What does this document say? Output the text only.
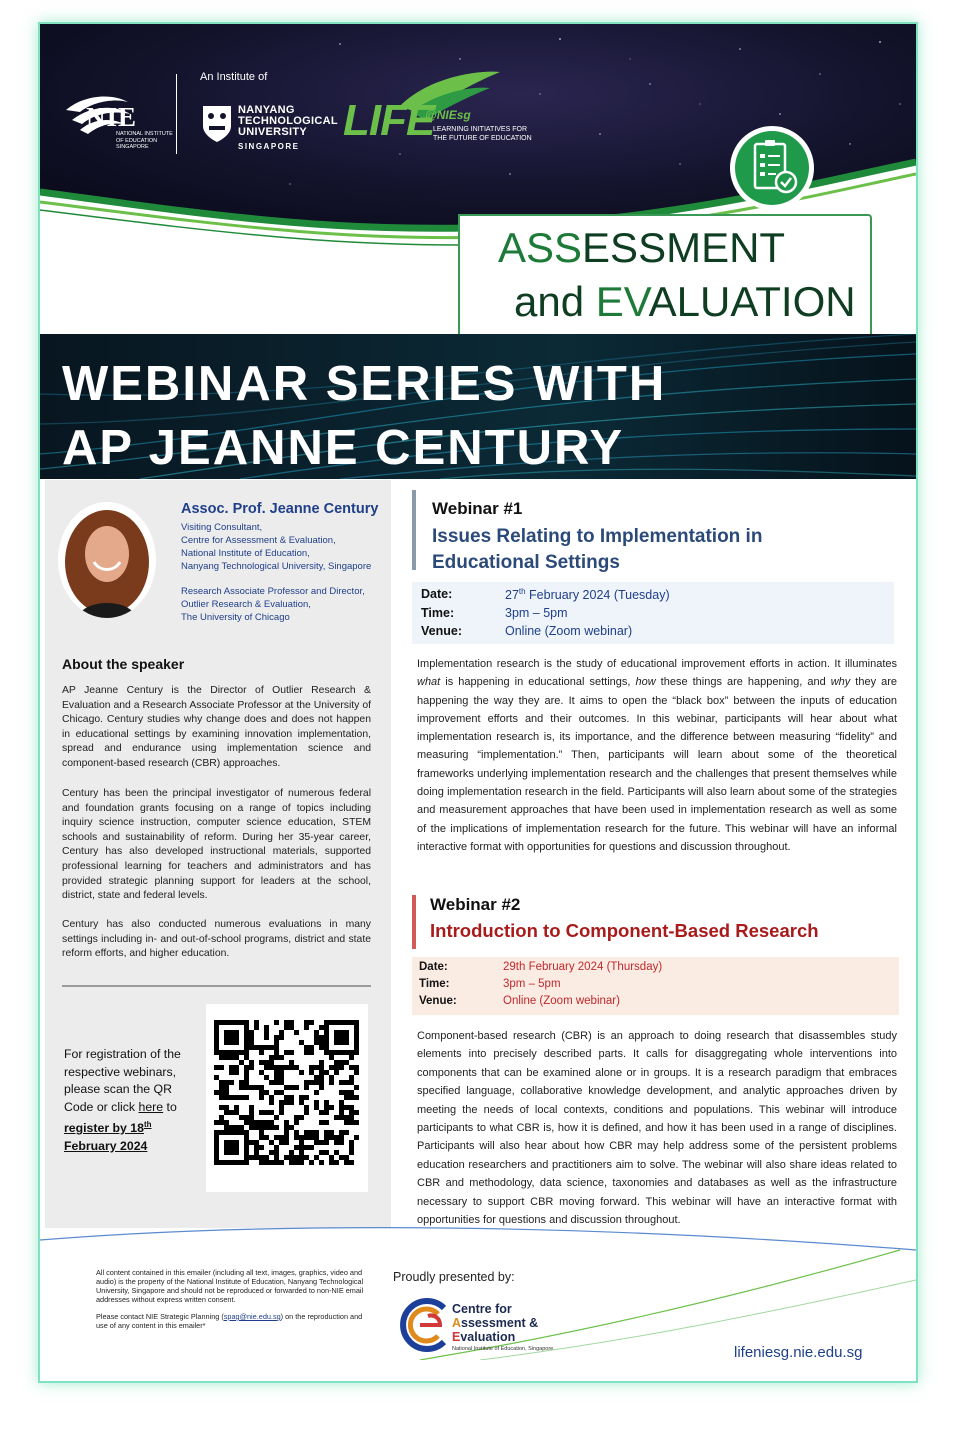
NIE
NATIONAL INSTITUTE OF EDUCATION SINGAPORE
An Institute of
NANYANG
TECHNOLOGICAL
UNIVERSITY
SINGAPORE
LIFE
@NIEsg
LEARNING INITIATIVES FOR THE FUTURE OF EDUCATION
ASSESSMENT
and EVALUATION
WEBINAR SERIES WITH
AP JEANNE CENTURY
Assoc. Prof. Jeanne Century
Visiting Consultant,
Centre for Assessment & Evaluation,
National Institute of Education,
Nanyang Technological University, Singapore
Research Associate Professor and Director,
Outlier Research & Evaluation,
The University of Chicago
About the speaker
AP Jeanne Century is the Director of Outlier Research & Evaluation and a Research Associate Professor at the University of Chicago. Century studies why change does and does not happen in educational settings by examining innovation implementation, spread and endurance using implementation science and component-based research (CBR) approaches.
Century has been the principal investigator of numerous federal and foundation grants focusing on a range of topics including inquiry science instruction, computer science education, STEM schools and sustainability of reform. During her 35-year career, Century has also developed instructional materials, supported professional learning for teachers and administrators and has provided strategic planning support for leaders at the school, district, state and federal levels.
Century has also conducted numerous evaluations in many settings including in- and out-of-school programs, district and state reform efforts, and higher education.
For registration of the respective webinars, please scan the QR Code or click here to register by 18th February 2024
Webinar #1
Issues Relating to Implementation in Educational Settings
Date:	27th February 2024 (Tuesday)
Time:	3pm – 5pm
Venue:	Online (Zoom webinar)
Implementation research is the study of educational improvement efforts in action. It illuminates what is happening in educational settings, how these things are happening, and why they are happening the way they are. It aims to open the “black box” between the inputs of education improvement efforts and their outcomes. In this webinar, participants will hear about what implementation research is, its importance, and the difference between measuring “fidelity” and measuring “implementation.” Then, participants will learn about some of the theoretical frameworks underlying implementation research and the challenges that present themselves while doing implementation research in the field. Participants will also learn about some of the strategies and measurement approaches that have been used in implementation research as well as some of the implications of implementation research for the future. This webinar will have an informal interactive format with opportunities for questions and discussion throughout.
Webinar #2
Introduction to Component-Based Research
Date:	29th February 2024 (Thursday)
Time:	3pm – 5pm
Venue:	Online (Zoom webinar)
Component-based research (CBR) is an approach to doing research that disassembles study elements into precisely described parts. It calls for disaggregating whole interventions into components that can be examined alone or in groups. It is a research paradigm that embraces specified language, collaborative knowledge development, and analytic approaches driven by meeting the needs of local contexts, conditions and populations. This webinar will introduce participants to what CBR is, how it is defined, and how it has been used in a range of disciplines. Participants will also hear about how CBR may help address some of the persistent problems education researchers and practitioners aim to solve. The webinar will also share ideas related to CBR and methodology, data science, taxonomies and databases as well as the infrastructure necessary to support CBR moving forward. This webinar will have an interactive format with opportunities for questions and discussion throughout.
All content contained in this emailer (including all text, images, graphics, video and audio) is the property of the National Institute of Education, Nanyang Technological University, Singapore and should not be reproduced or forwarded to non-NIE email addresses without express written consent.
Please contact NIE Strategic Planning (spag@nie.edu.sg) on the reproduction and use of any content in this emailer*
Proudly presented by:
Centre for
Assessment &
Evaluation
National Institute of Education, Singapore	lifeniesg.nie.edu.sg
